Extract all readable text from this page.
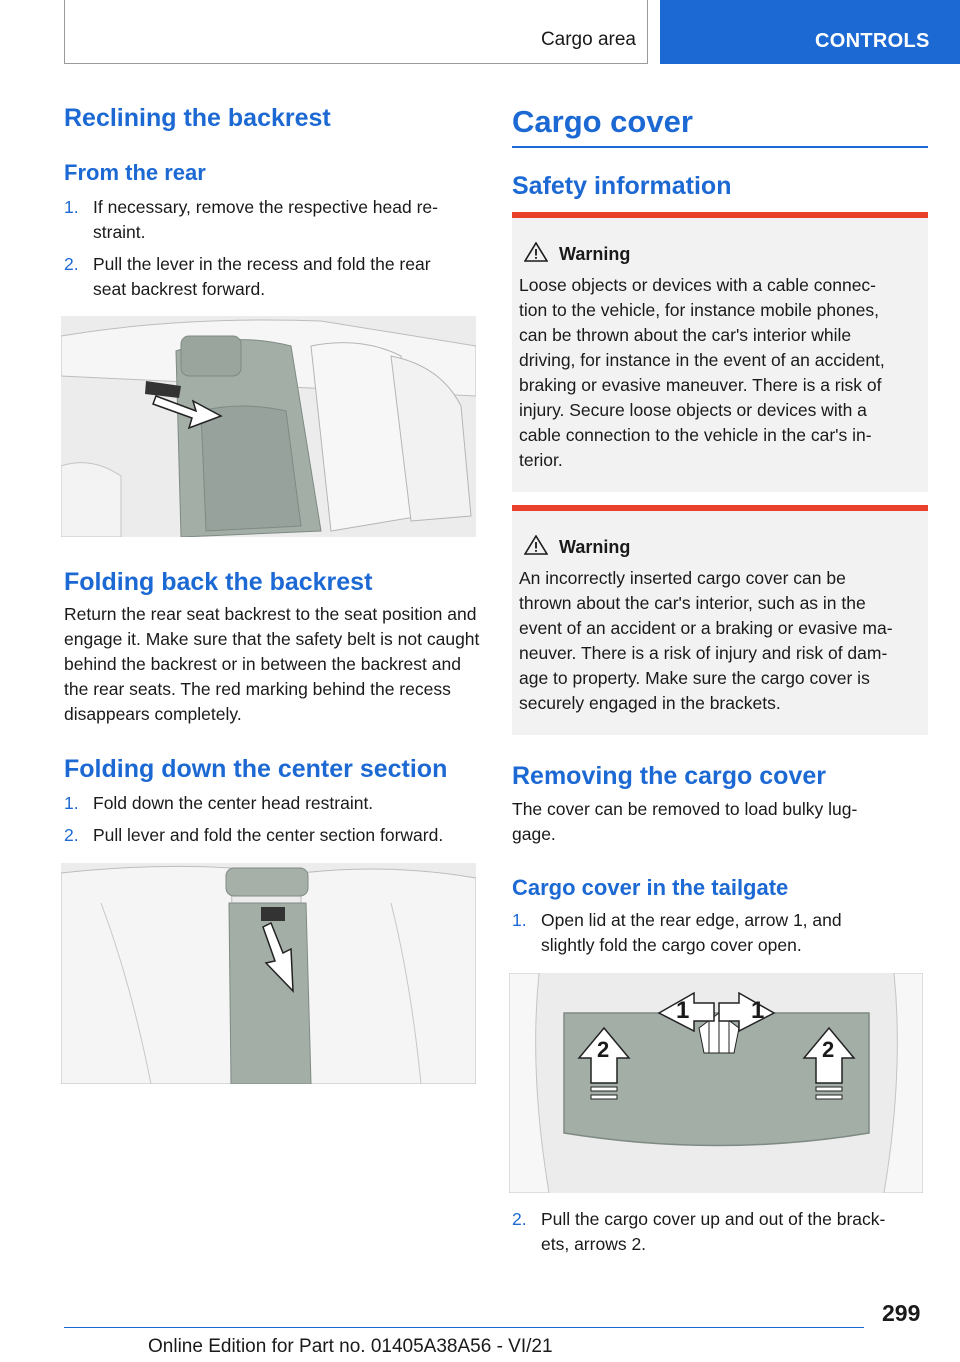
Cargo area	CONTROLS
Reclining the backrest
From the rear
1. If necessary, remove the respective head re-
straint.
2. Pull the lever in the recess and fold the rear
seat backrest forward.
Folding back the backrest

Return the rear seat backrest to the seat position and engage it. Make sure that the safety belt is not caught behind the backrest or in between the backrest and the rear seats. The red marking behind the recess disappears completely.

Folding down the center section
1. Fold down the center head restraint.
2. Pull lever and fold the center section forward.
Cargo cover
Safety information
Warning
Loose objects or devices with a cable connec-
tion to the vehicle, for instance mobile phones,
can be thrown about the car's interior while
driving, for instance in the event of an accident,
braking or evasive maneuver. There is a risk of
injury. Secure loose objects or devices with a
cable connection to the vehicle in the car's in-
terior.
Warning
An incorrectly inserted cargo cover can be
thrown about the car's interior, such as in the
event of an accident or a braking or evasive ma-
neuver. There is a risk of injury and risk of dam-
age to property. Make sure the cargo cover is
securely engaged in the brackets.
Removing the cargo cover

The cover can be removed to load bulky lug-
gage.

Cargo cover in the tailgate
1. Open lid at the rear edge, arrow 1, and
slightly fold the cargo cover open.
1	1
2	2
2. Pull the cargo cover up and out of the brack-
ets, arrows 2.
299
Online Edition for Part no. 01405A38A56 - VI/21
